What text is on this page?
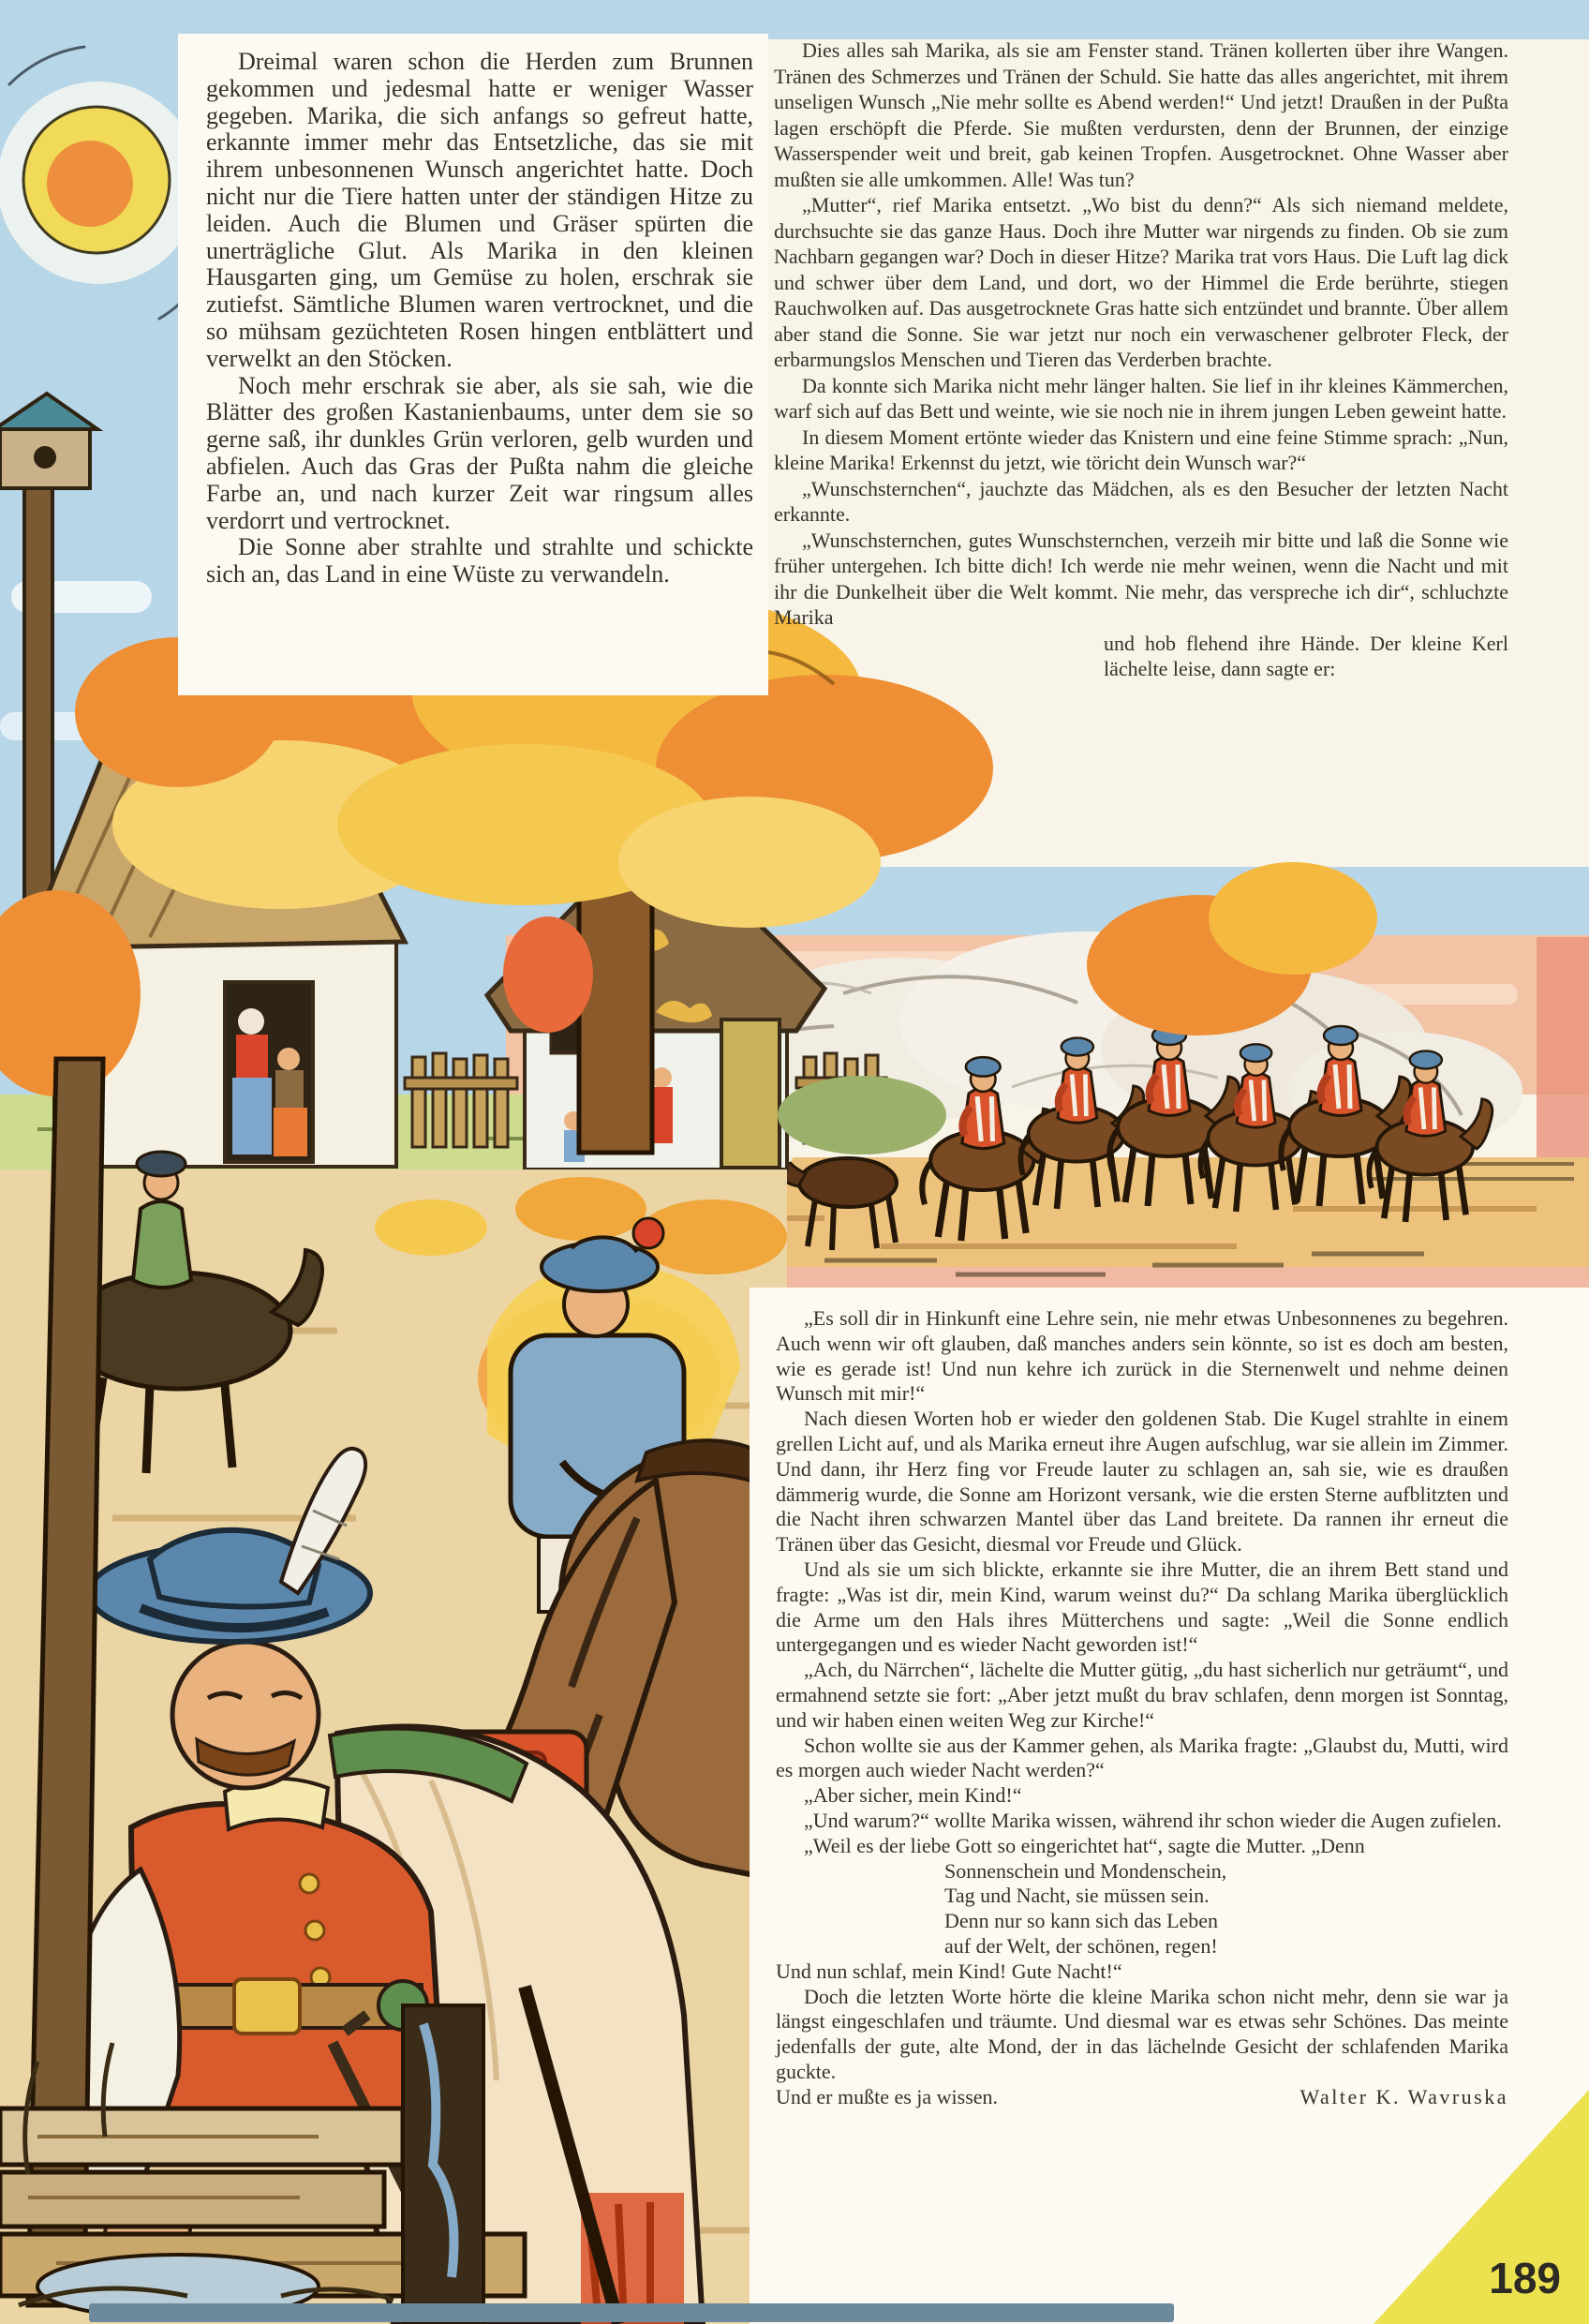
Dreimal waren schon die Herden zum Brunnen gekommen und jedesmal hatte er weniger Wasser gegeben. Marika, die sich anfangs so gefreut hatte, erkannte immer mehr das Entsetzliche, das sie mit ihrem unbesonnenen Wunsch angerichtet hatte. Doch nicht nur die Tiere hatten unter der ständigen Hitze zu leiden. Auch die Blumen und Gräser spürten die unerträgliche Glut. Als Marika in den kleinen Hausgarten ging, um Gemüse zu holen, erschrak sie zutiefst. Sämtliche Blumen waren vertrocknet, und die so mühsam gezüchteten Rosen hingen entblättert und verwelkt an den Stöcken.

Noch mehr erschrak sie aber, als sie sah, wie die Blätter des großen Kastanienbaums, unter dem sie so gerne saß, ihr dunkles Grün verloren, gelb wurden und abfielen. Auch das Gras der Pußta nahm die gleiche Farbe an, und nach kurzer Zeit war ringsum alles verdorrt und vertrocknet.

Die Sonne aber strahlte und strahlte und schickte sich an, das Land in eine Wüste zu verwandeln.

Dies alles sah Marika, als sie am Fenster stand. Tränen kollerten über ihre Wangen. Tränen des Schmerzes und Tränen der Schuld. Sie hatte das alles angerichtet, mit ihrem unseligen Wunsch „Nie mehr sollte es Abend werden!“ Und jetzt! Draußen in der Pußta lagen erschöpft die Pferde. Sie mußten verdursten, denn der Brunnen, der einzige Wasserspender weit und breit, gab keinen Tropfen. Ausgetrocknet. Ohne Wasser aber mußten sie alle umkommen. Alle! Was tun?

„Mutter“, rief Marika entsetzt. „Wo bist du denn?“ Als sich niemand meldete, durchsuchte sie das ganze Haus. Doch ihre Mutter war nirgends zu finden. Ob sie zum Nachbarn gegangen war? Doch in dieser Hitze? Marika trat vors Haus. Die Luft lag dick und schwer über dem Land, und dort, wo der Himmel die Erde berührte, stiegen Rauchwolken auf. Das ausgetrocknete Gras hatte sich entzündet und brannte. Über allem aber stand die Sonne. Sie war jetzt nur noch ein verwaschener gelbroter Fleck, der erbarmungslos Menschen und Tieren das Verderben brachte.

Da konnte sich Marika nicht mehr länger halten. Sie lief in ihr kleines Kämmerchen, warf sich auf das Bett und weinte, wie sie noch nie in ihrem jungen Leben geweint hatte.

In diesem Moment ertönte wieder das Knistern und eine feine Stimme sprach: „Nun, kleine Marika! Erkennst du jetzt, wie töricht dein Wunsch war?“

„Wunschsternchen“, jauchzte das Mädchen, als es den Besucher der letzten Nacht erkannte.

„Wunschsternchen, gutes Wunschsternchen, verzeih mir bitte und laß die Sonne wie früher untergehen. Ich bitte dich! Ich werde nie mehr weinen, wenn die Nacht und mit ihr die Dunkelheit über die Welt kommt. Nie mehr, das verspreche ich dir“, schluchzte Marika

und hob flehend ihre Hände. Der kleine Kerl lächelte leise, dann sagte er:

„Es soll dir in Hinkunft eine Lehre sein, nie mehr etwas Unbesonnenes zu begehren. Auch wenn wir oft glauben, daß manches anders sein könnte, so ist es doch am besten, wie es gerade ist! Und nun kehre ich zurück in die Sternenwelt und nehme deinen Wunsch mit mir!“

Nach diesen Worten hob er wieder den goldenen Stab. Die Kugel strahlte in einem grellen Licht auf, und als Marika erneut ihre Augen aufschlug, war sie allein im Zimmer. Und dann, ihr Herz fing vor Freude lauter zu schlagen an, sah sie, wie es draußen dämmerig wurde, die Sonne am Horizont versank, wie die ersten Sterne aufblitzten und die Nacht ihren schwarzen Mantel über das Land breitete. Da rannen ihr erneut die Tränen über das Gesicht, diesmal vor Freude und Glück.

Und als sie um sich blickte, erkannte sie ihre Mutter, die an ihrem Bett stand und fragte: „Was ist dir, mein Kind, warum weinst du?“ Da schlang Marika überglücklich die Arme um den Hals ihres Mütterchens und sagte: „Weil die Sonne endlich untergegangen und es wieder Nacht geworden ist!“

„Ach, du Närrchen“, lächelte die Mutter gütig, „du hast sicherlich nur geträumt“, und ermahnend setzte sie fort: „Aber jetzt mußt du brav schlafen, denn morgen ist Sonntag, und wir haben einen weiten Weg zur Kirche!“

Schon wollte sie aus der Kammer gehen, als Marika fragte: „Glaubst du, Mutti, wird es morgen auch wieder Nacht werden?“

„Aber sicher, mein Kind!“

„Und warum?“ wollte Marika wissen, während ihr schon wieder die Augen zufielen.

„Weil es der liebe Gott so eingerichtet hat“, sagte die Mutter. „Denn

Sonnenschein und Mondenschein,
Tag und Nacht, sie müssen sein.
Denn nur so kann sich das Leben
auf der Welt, der schönen, regen!

Und nun schlaf, mein Kind! Gute Nacht!“

Doch die letzten Worte hörte die kleine Marika schon nicht mehr, denn sie war ja längst eingeschlafen und träumte. Und diesmal war es etwas sehr Schönes. Das meinte jedenfalls der gute, alte Mond, der in das lächelnde Gesicht der schlafenden Marika guckte.

Und er mußte es ja wissen.	Walter K. Wavruska
189
